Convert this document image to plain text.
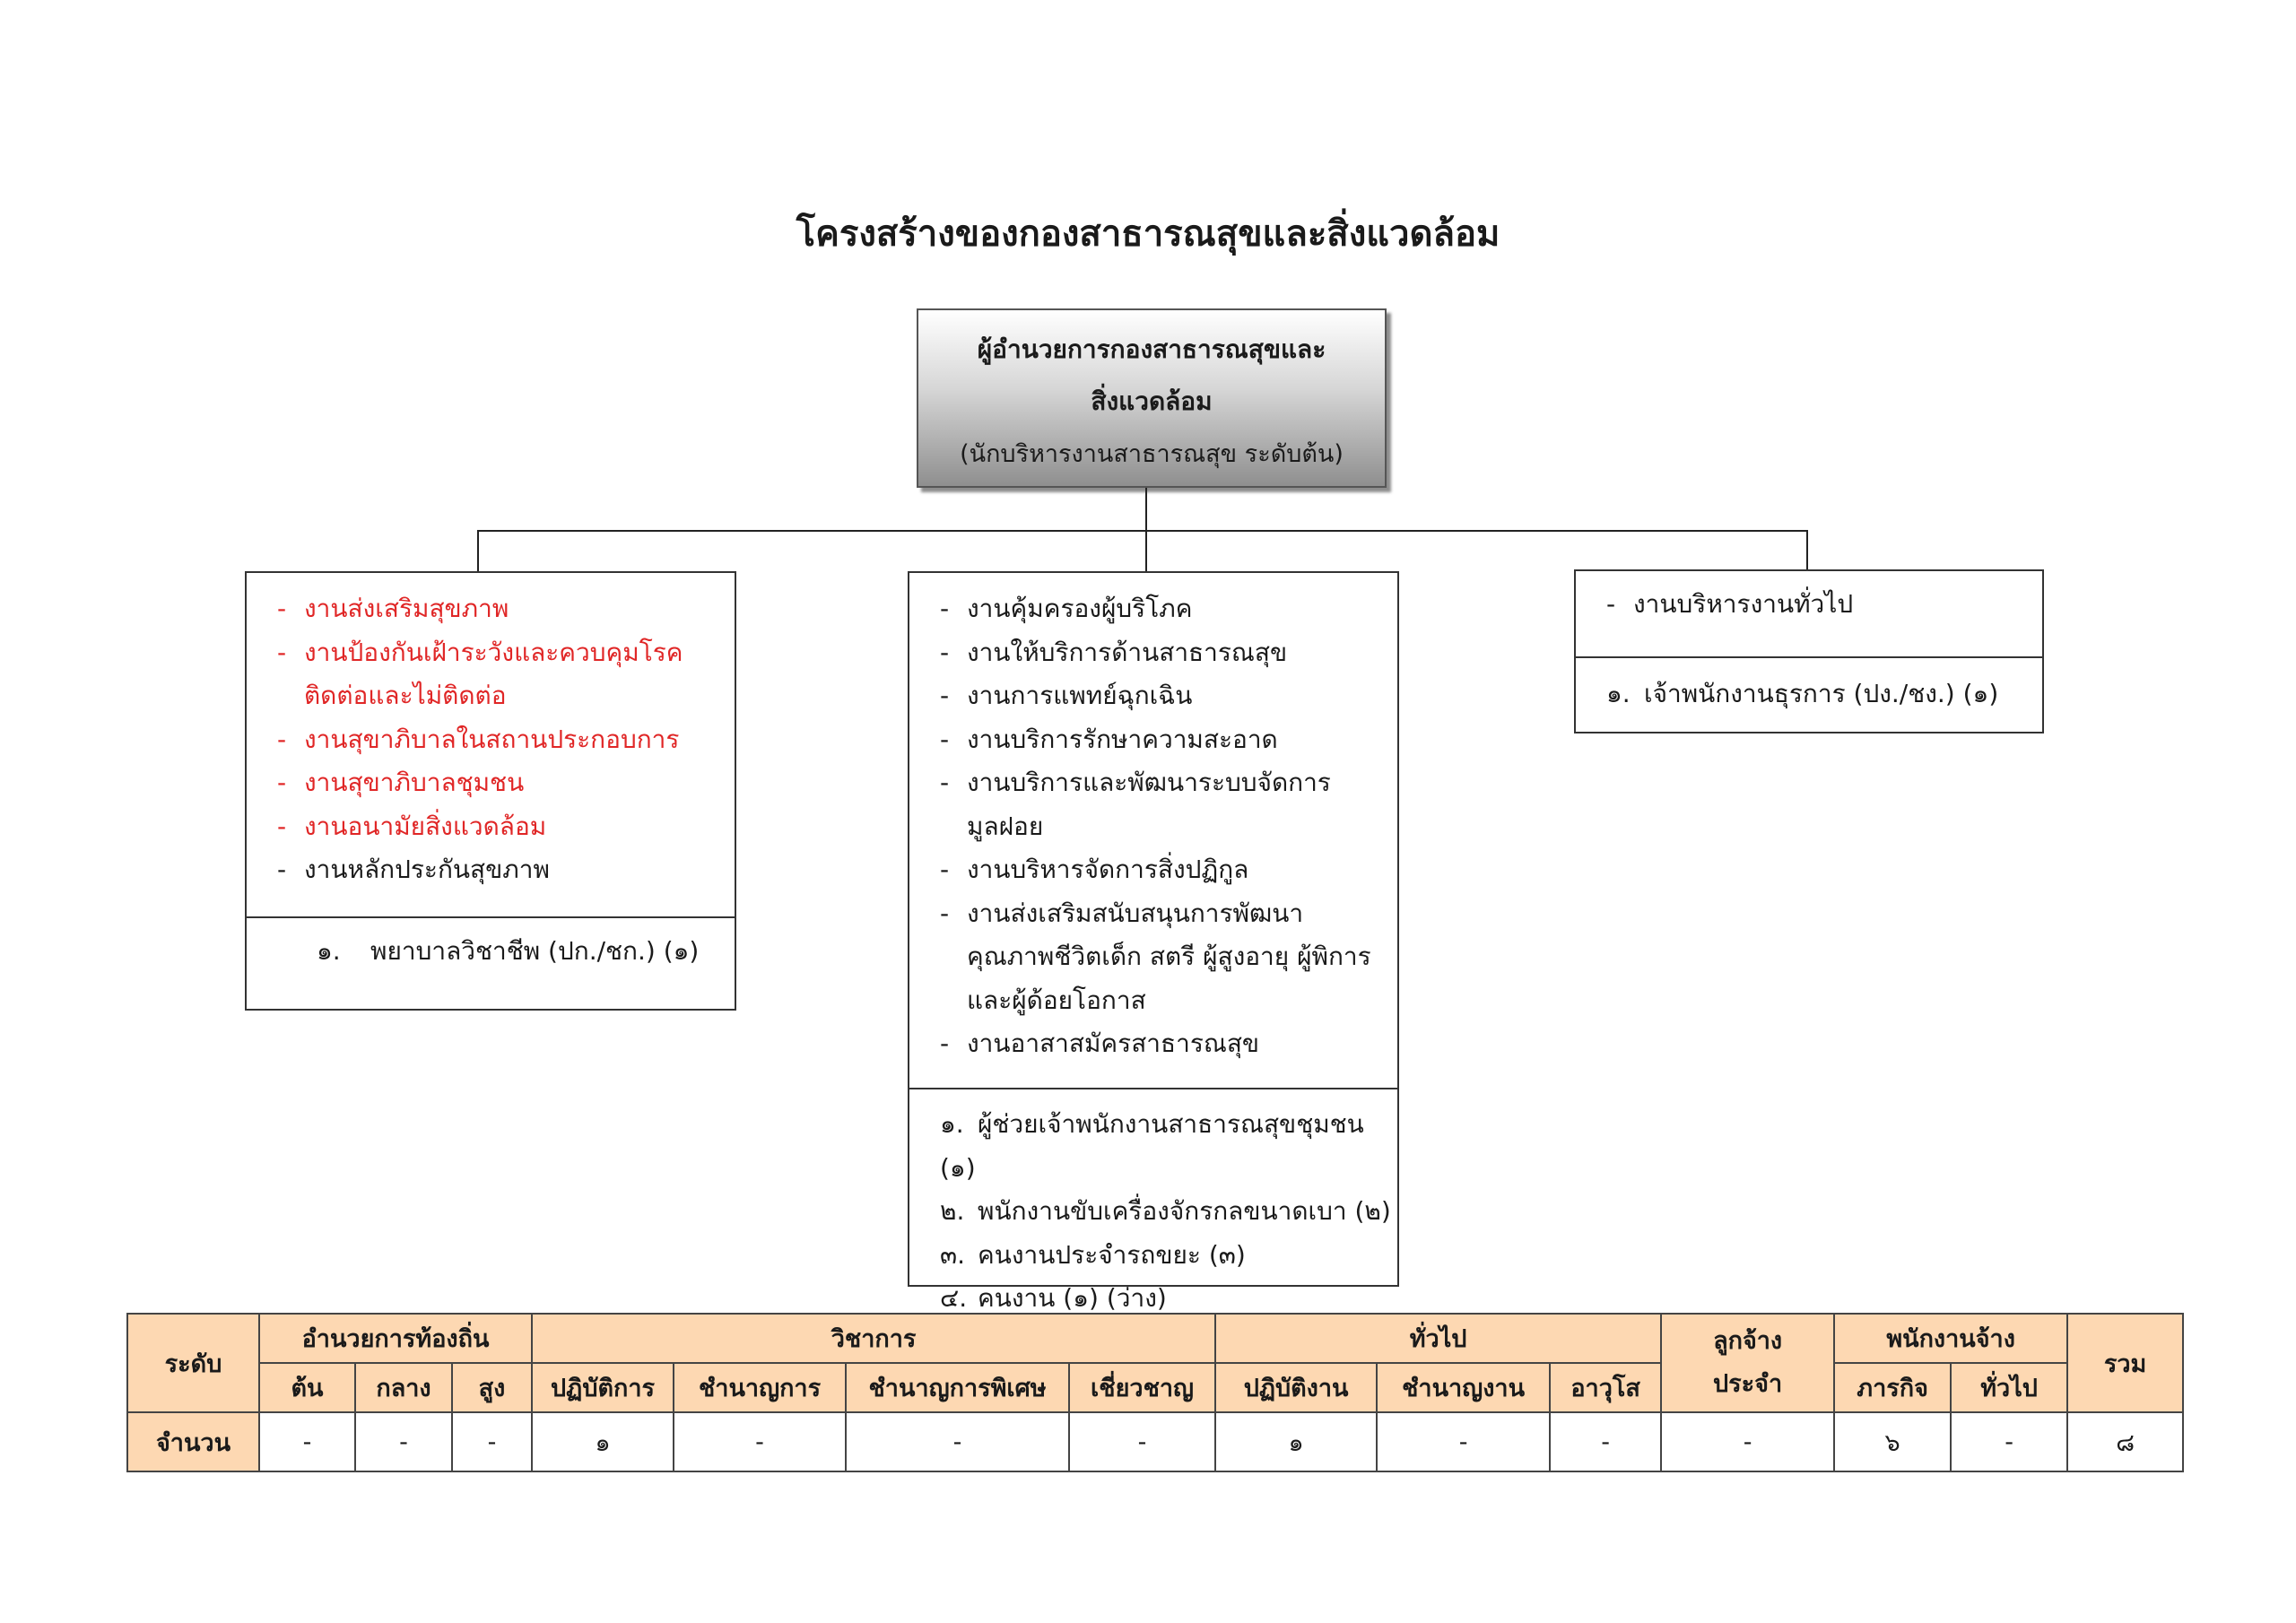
โครงสร้างของกองสาธารณสุขและสิ่งแวดล้อม
ผู้อำนวยการกองสาธารณสุขและ
สิ่งแวดล้อม
(นักบริหารงานสาธารณสุข ระดับต้น)
- งานส่งเสริมสุขภาพ
- งานป้องกันเฝ้าระวังและควบคุมโรคติดต่อและไม่ติดต่อ
- งานสุขาภิบาลในสถานประกอบการ
- งานสุขาภิบาลชุมชน
- งานอนามัยสิ่งแวดล้อม
- งานหลักประกันสุขภาพ
๑. พยาบาลวิชาชีพ (ปก./ชก.) (๑)
- งานคุ้มครองผู้บริโภค
- งานให้บริการด้านสาธารณสุข
- งานการแพทย์ฉุกเฉิน
- งานบริการรักษาความสะอาด
- งานบริการและพัฒนาระบบจัดการมูลฝอย
- งานบริหารจัดการสิ่งปฏิกูล
- งานส่งเสริมสนับสนุนการพัฒนาคุณภาพชีวิตเด็ก สตรี ผู้สูงอายุ ผู้พิการและผู้ด้อยโอกาส
- งานอาสาสมัครสาธารณสุข
๑. ผู้ช่วยเจ้าพนักงานสาธารณสุขชุมชน (๑)
๒. พนักงานขับเครื่องจักรกลขนาดเบา (๒)
๓. คนงานประจำรถขยะ (๓)
๔. คนงาน (๑) (ว่าง)
- งานบริหารงานทั่วไป
๑. เจ้าพนักงานธุรการ (ปง./ชง.) (๑)
ระดับ	อำนวยการท้องถิ่น			วิชาการ				ทั่วไป			ลูกจ้างประจำ	พนักงานจ้าง		รวม
	ต้น	กลาง	สูง	ปฏิบัติการ	ชำนาญการ	ชำนาญการพิเศษ	เชี่ยวชาญ	ปฏิบัติงาน	ชำนาญงาน	อาวุโส		ภารกิจ	ทั่วไป	
จำนวน	-	-	-	๑	-	-	-	๑	-	-	-	๖	-	๘
